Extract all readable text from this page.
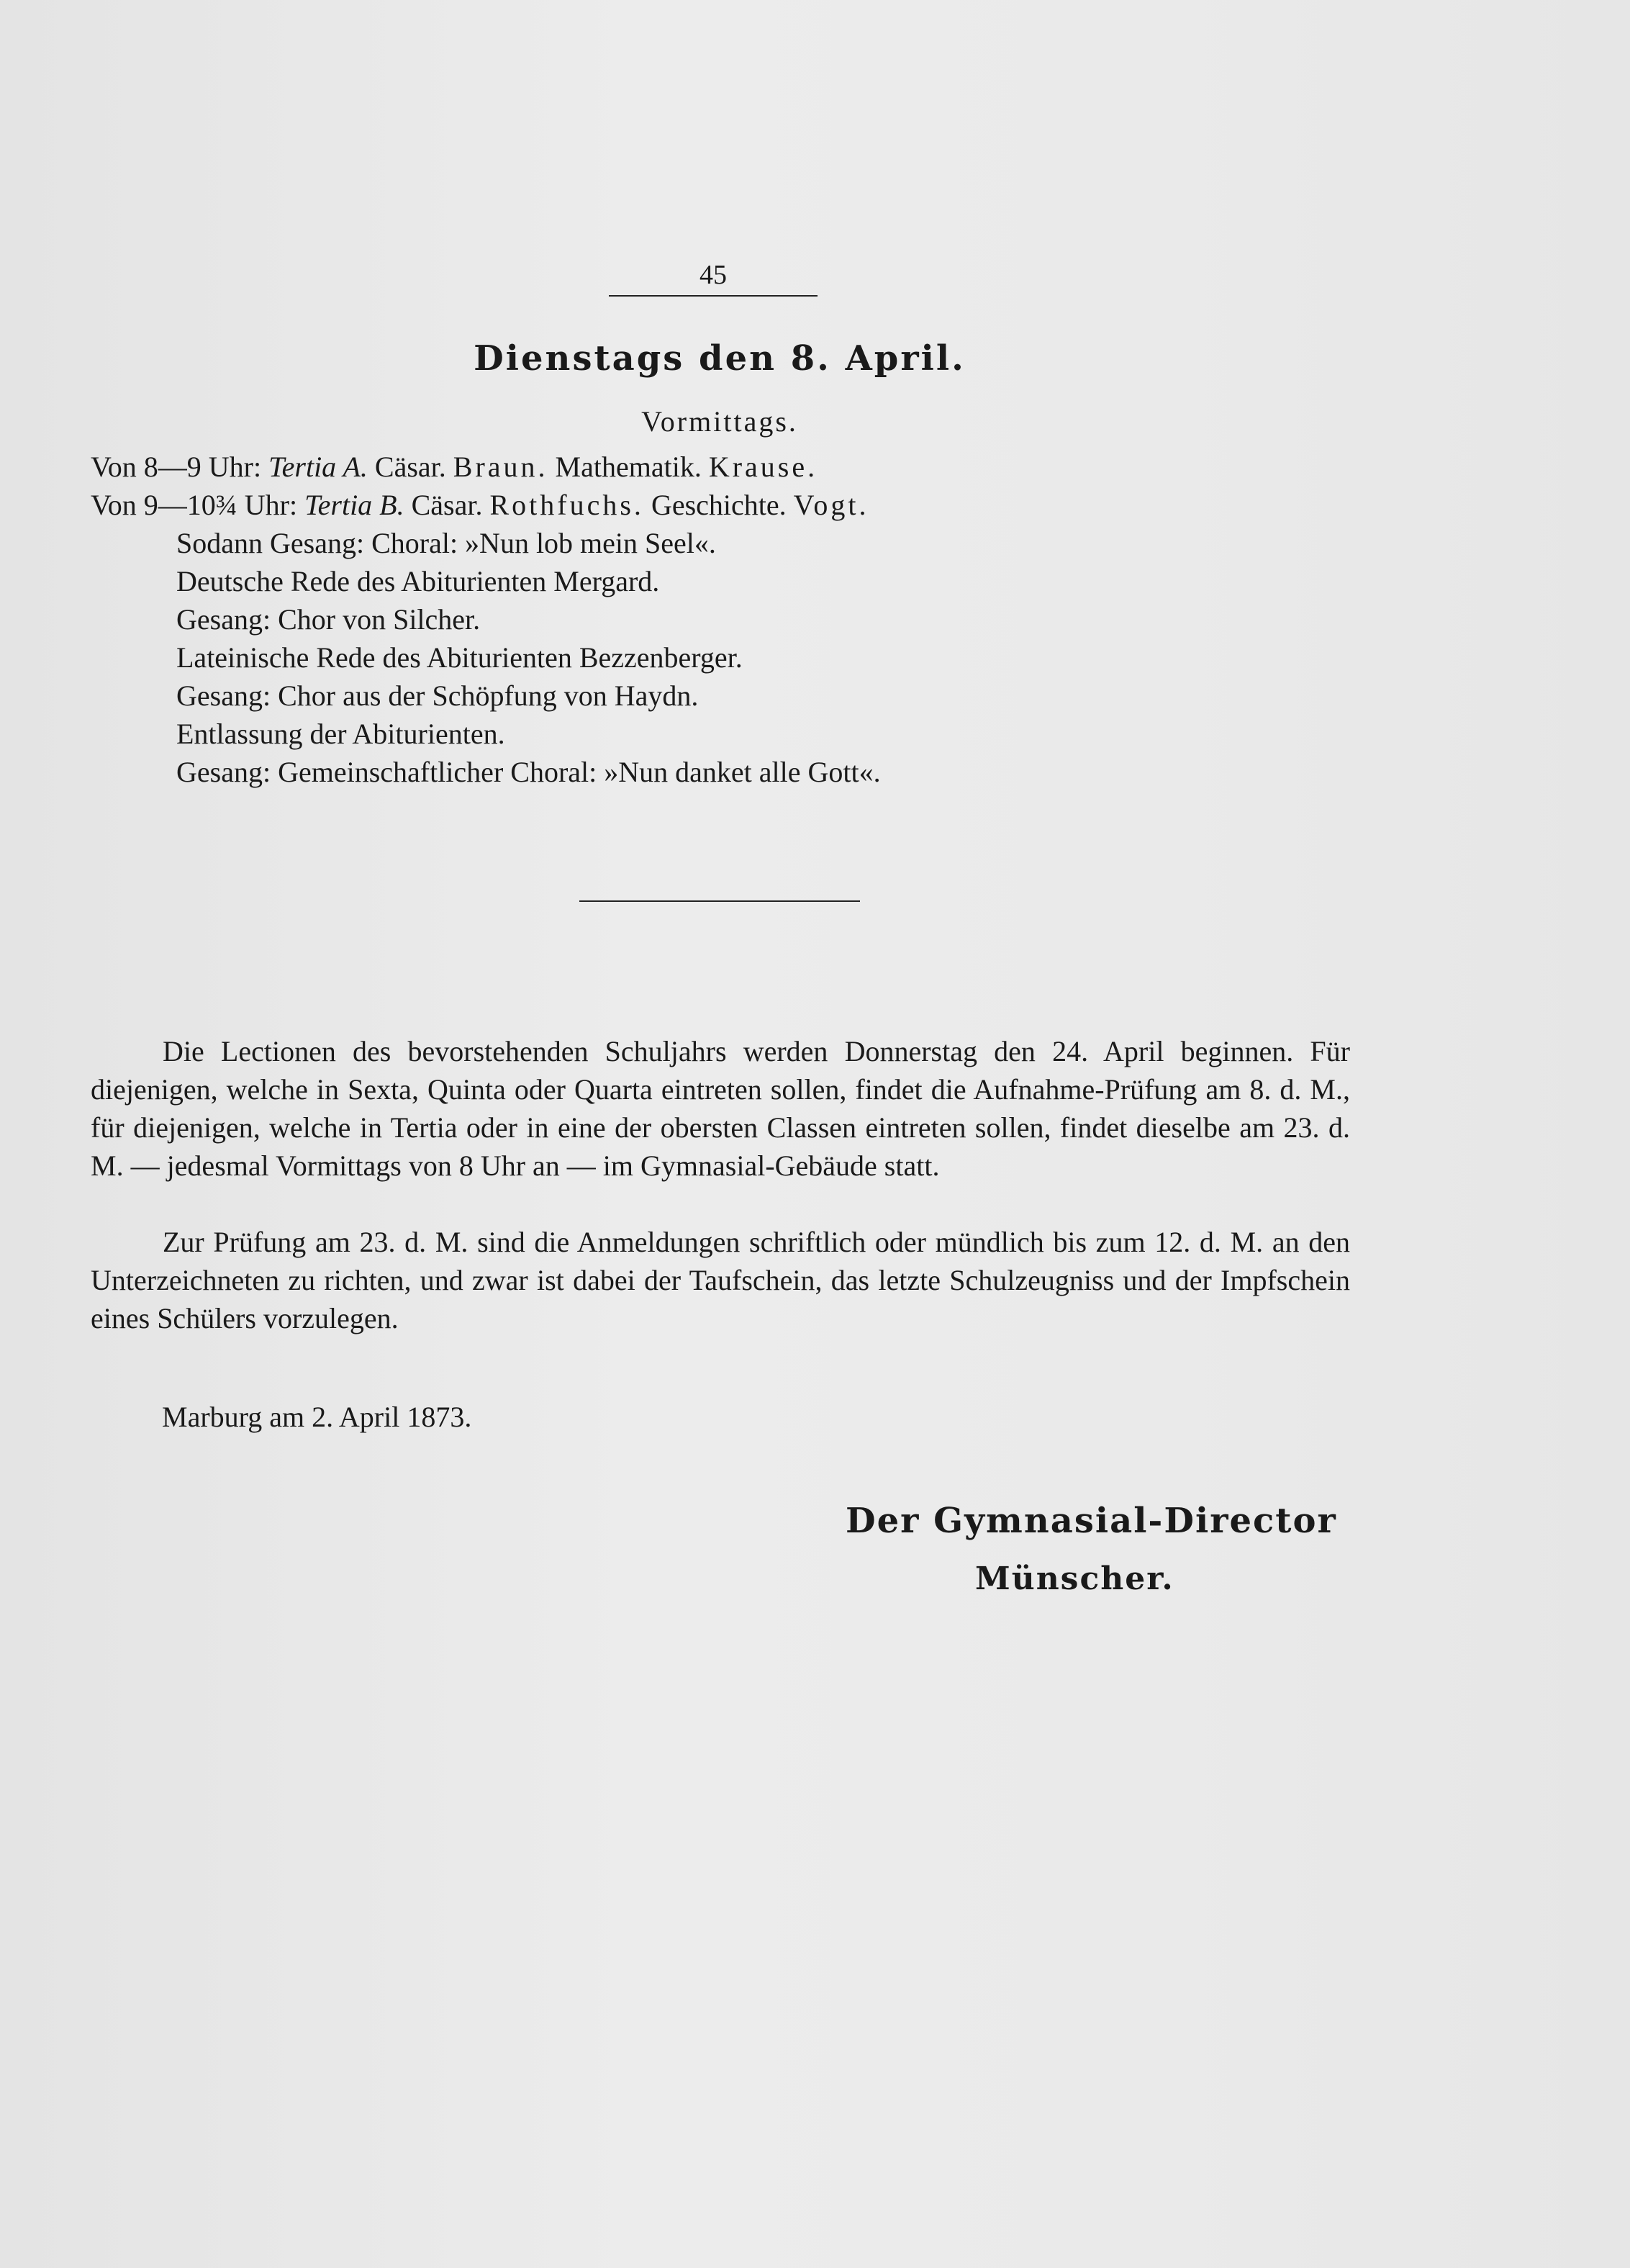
45
Dienstags den 8. April.
Vormittags.
Von 8—9 Uhr: Tertia A. Cäsar. Braun. Mathematik. Krause.
Von 9—10¾ Uhr: Tertia B. Cäsar. Rothfuchs. Geschichte. Vogt.
Sodann Gesang: Choral: »Nun lob mein Seel«.
Deutsche Rede des Abiturienten Mergard.
Gesang: Chor von Silcher.
Lateinische Rede des Abiturienten Bezzenberger.
Gesang: Chor aus der Schöpfung von Haydn.
Entlassung der Abiturienten.
Gesang: Gemeinschaftlicher Choral: »Nun danket alle Gott«.
Die Lectionen des bevorstehenden Schuljahrs werden Donnerstag den 24. April beginnen. Für diejenigen, welche in Sexta, Quinta oder Quarta eintreten sollen, findet die Aufnahme-Prüfung am 8. d. M., für diejenigen, welche in Tertia oder in eine der obersten Classen eintreten sollen, findet dieselbe am 23. d. M. — jedesmal Vormittags von 8 Uhr an — im Gymnasial-Gebäude statt.
Zur Prüfung am 23. d. M. sind die Anmeldungen schriftlich oder mündlich bis zum 12. d. M. an den Unterzeichneten zu richten, und zwar ist dabei der Taufschein, das letzte Schulzeugniss und der Impfschein eines Schülers vorzulegen.
Marburg am 2. April 1873.
Der Gymnasial-Director
Münscher.
